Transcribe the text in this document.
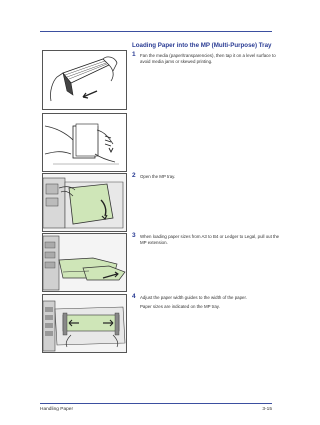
Loading Paper into the MP (Multi-Purpose) Tray
1 Fan the media (paper/transparencies), then tap it on a level surface to avoid media jams or skewed printing.
2 Open the MP tray.
3 When loading paper sizes from A3 to B4 or Ledger to Legal, pull out the MP extension.
4 Adjust the paper width guides to the width of the paper.
Paper sizes are indicated on the MP tray.
Handling Paper	3-15
